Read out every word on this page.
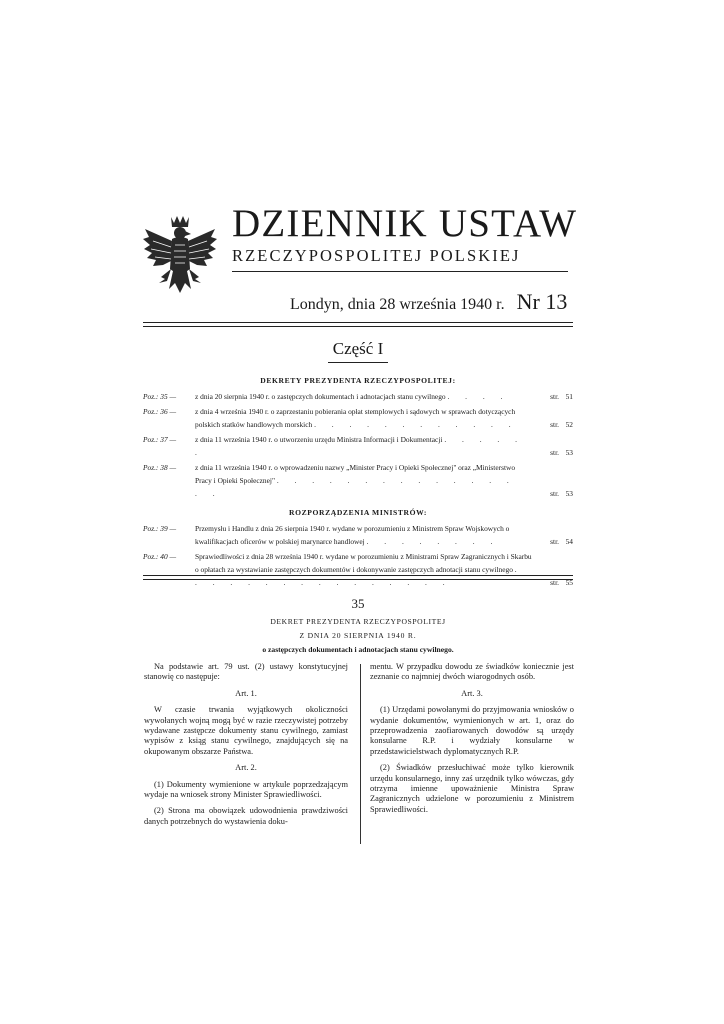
DZIENNIK USTAW
RZECZYPOSPOLITEJ POLSKIEJ
Londyn, dnia 28 września 1940 r. Nr 13
Część I
DEKRETY PREZYDENTA RZECZYPOSPOLITEJ:
Poz.: 35 —	z dnia 20 sierpnia 1940 r. o zastępczych dokumentach i adnotacjach stanu cywilnego . . . .	str. 51
Poz.: 36 —	z dnia 4 września 1940 r. o zaprzestaniu pobierania opłat stemplowych i sądowych w sprawach dotyczących polskich statków handlowych morskich . . . . . . . . . . . .	str. 52
Poz.: 37 —	z dnia 11 września 1940 r. o utworzeniu urzędu Ministra Informacji i Dokumentacji . . . . . .	str. 53
Poz.: 38 —	z dnia 11 września 1940 r. o wprowadzeniu nazwy „Minister Pracy i Opieki Społecznej" oraz „Ministerstwo Pracy i Opieki Społecznej" . . . . . . . . . . . . . . . .	str. 53
ROZPORZĄDZENIA MINISTRÓW:
Poz.: 39 —	Przemysłu i Handlu z dnia 26 sierpnia 1940 r. wydane w porozumieniu z Ministrem Spraw Wojskowych o kwalifikacjach oficerów w polskiej marynarce handlowej . . . . . . . .	str. 54
Poz.: 40 —	Sprawiedliwości z dnia 28 września 1940 r. wydane w porozumieniu z Ministrami Spraw Zagranicznych i Skarbu o opłatach za wystawianie zastępczych dokumentów i dokonywanie zastępczych adnotacji stanu cywilnego . . . . . . . . . . . . . . . .	str. 55
35
DEKRET PREZYDENTA RZECZYPOSPOLITEJ
Z DNIA 20 SIERPNIA 1940 R.
o zastępczych dokumentach i adnotacjach stanu cywilnego.

Na podstawie art. 79 ust. (2) ustawy konstytucyjnej stanowię co następuje:

Art. 1.

W czasie trwania wyjątkowych okoliczności wywołanych wojną mogą być w razie rzeczywistej potrzeby wydawane zastępcze dokumenty stanu cywilnego, zamiast wypisów z ksiąg stanu cywilnego, znajdujących się na okupowanym obszarze Państwa.

Art. 2.

(1) Dokumenty wymienione w artykule poprzedzającym wydaje na wniosek strony Minister Sprawiedliwości.

(2) Strona ma obowiązek udowodnienia prawdziwości danych potrzebnych do wystawienia doku-

mentu. W przypadku dowodu ze świadków koniecznie jest zeznanie co najmniej dwóch wiarogodnych osób.

Art. 3.

(1) Urzędami powołanymi do przyjmowania wniosków o wydanie dokumentów, wymienionych w art. 1, oraz do przeprowadzenia zaofiarowanych dowodów są urzędy konsularne R.P. i wydziały konsularne w przedstawicielstwach dyplomatycznych R.P.

(2) Świadków przesłuchiwać może tylko kierownik urzędu konsularnego, inny zaś urzędnik tylko wówczas, gdy otrzyma imienne upoważnienie Ministra Spraw Zagranicznych udzielone w porozumieniu z Ministrem Sprawiedliwości.
